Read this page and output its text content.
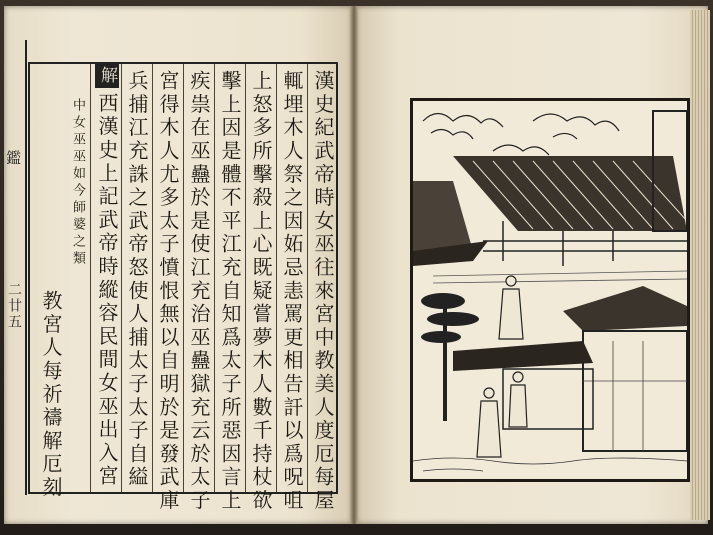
鑑
二廿五	漢史紀武帝時女巫往來宮中教美人度厄每屋
輒埋木人祭之因妬忌恚罵更相告訐以爲呪咀
上怒多所擊殺上心既疑嘗夢木人數千持杖欲
擊上因是體不平江充自知爲太子所惡因言上
疾祟在巫蠱於是使江充治巫蠱獄充云於太子
宮得木人尤多太子憤恨無以自明於是發武庫
兵捕江充誅之武帝怒使人捕太子太子自縊
解西漢史上記武帝時縱容民間女巫出入宮
中女巫巫如今師婆之類
教宮人每祈禱解厄刻
